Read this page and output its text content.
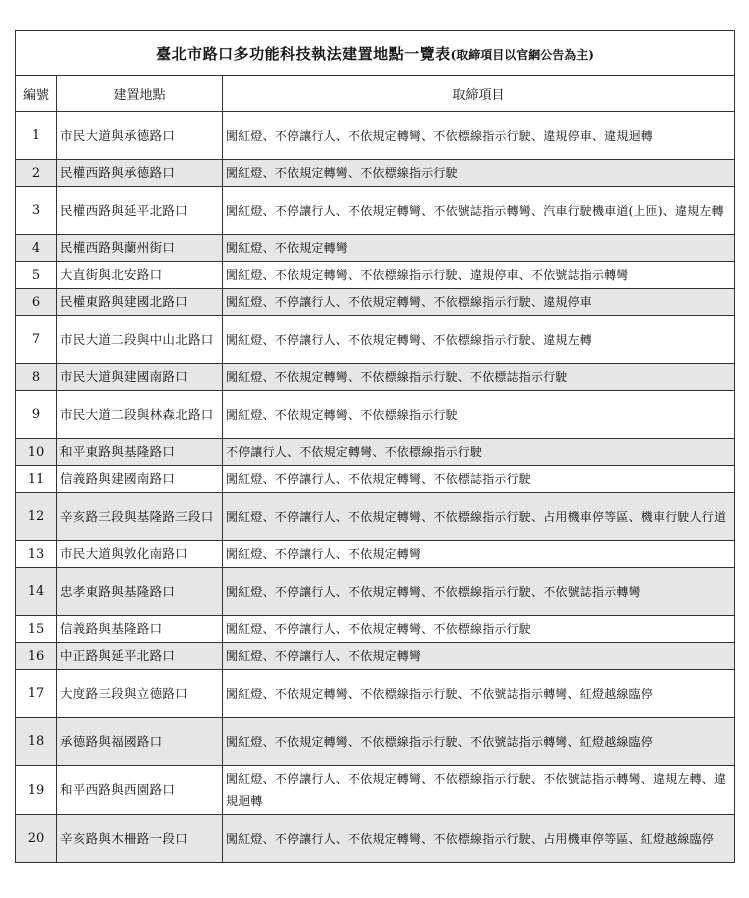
臺北市路口多功能科技執法建置地點一覽表(取締項目以官網公告為主)		
編號	建置地點	取締項目
1	市民大道與承德路口	闖紅燈、不停讓行人、不依規定轉彎、不依標線指示行駛、違規停車、違規迴轉
2	民權西路與承德路口	闖紅燈、不依規定轉彎、不依標線指示行駛
3	民權西路與延平北路口	闖紅燈、不停讓行人、不依規定轉彎、不依號誌指示轉彎、汽車行駛機車道(上匝)、違規左轉
4	民權西路與蘭州街口	闖紅燈、不依規定轉彎
5	大直街與北安路口	闖紅燈、不依規定轉彎、不依標線指示行駛、違規停車、不依號誌指示轉彎
6	民權東路與建國北路口	闖紅燈、不停讓行人、不依規定轉彎、不依標線指示行駛、違規停車
7	市民大道二段與中山北路口	闖紅燈、不停讓行人、不依規定轉彎、不依標線指示行駛、違規左轉
8	市民大道與建國南路口	闖紅燈、不依規定轉彎、不依標線指示行駛、不依標誌指示行駛
9	市民大道二段與林森北路口	闖紅燈、不依規定轉彎、不依標線指示行駛
10	和平東路與基隆路口	不停讓行人、不依規定轉彎、不依標線指示行駛
11	信義路與建國南路口	闖紅燈、不停讓行人、不依規定轉彎、不依標誌指示行駛
12	辛亥路三段與基隆路三段口	闖紅燈、不停讓行人、不依規定轉彎、不依標線指示行駛、占用機車停等區、機車行駛人行道
13	市民大道與敦化南路口	闖紅燈、不停讓行人、不依規定轉彎
14	忠孝東路與基隆路口	闖紅燈、不停讓行人、不依規定轉彎、不依標線指示行駛、不依號誌指示轉彎
15	信義路與基隆路口	闖紅燈、不停讓行人、不依規定轉彎、不依標線指示行駛
16	中正路與延平北路口	闖紅燈、不停讓行人、不依規定轉彎
17	大度路三段與立德路口	闖紅燈、不依規定轉彎、不依標線指示行駛、不依號誌指示轉彎、紅燈越線臨停
18	承德路與福國路口	闖紅燈、不依規定轉彎、不依標線指示行駛、不依號誌指示轉彎、紅燈越線臨停
19	和平西路與西園路口	闖紅燈、不停讓行人、不依規定轉彎、不依標線指示行駛、不依號誌指示轉彎、違規左轉、違規迴轉
20	辛亥路與木柵路一段口	闖紅燈、不停讓行人、不依規定轉彎、不依標線指示行駛、占用機車停等區、紅燈越線臨停
